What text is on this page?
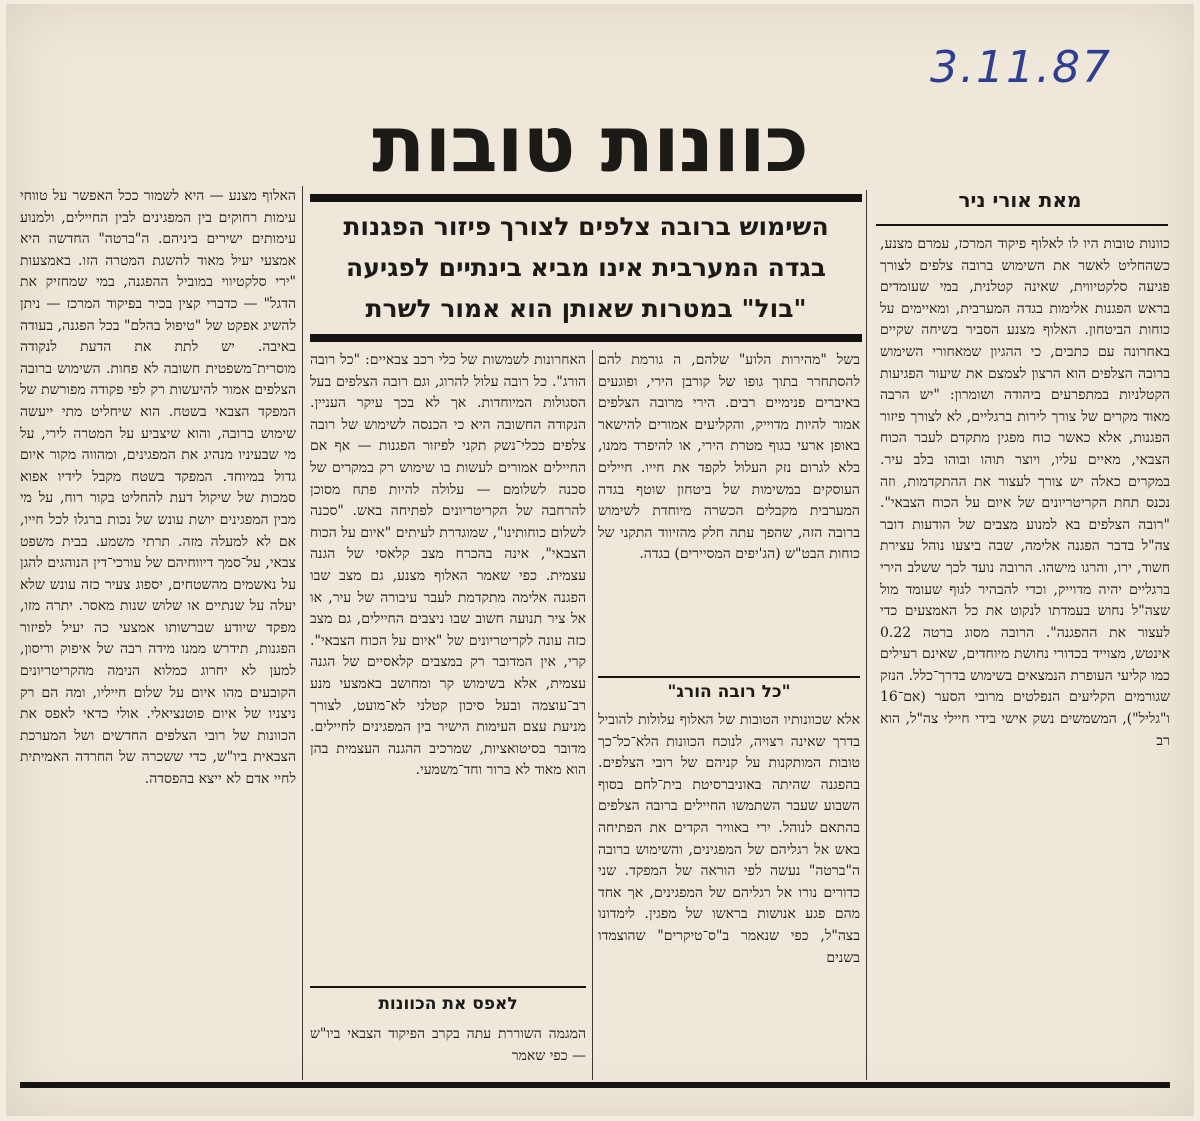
3.11.87
כוונות טובות
השימוש ברובה צלפים לצורך פיזור הפגנות בגדה המערבית אינו מביא בינתיים לפגיעה "בול" במטרות שאותן הוא אמור לשרת
מאת אורי ניר
כוונות טובות היו לו לאלוף פיקוד המרכז, עמרם מצנע, כשהחליט לאשר את השימוש ברובה צלפים לצורך פגיעה סלקטיווית, שאינה קטלנית, במי שעומדים בראש הפגנות אלימות בגדה המערבית, ומאיימים על כוחות הביטחון. האלוף מצנע הסביר בשיחה שקיים באחרונה עם כתבים, כי ההגיון שמאחורי השימוש ברובה הצלפים הוא הרצון לצמצם את שיעור הפגיעות הקטלניות במתפרעים ביהודה ושומרון: "יש הרבה מאוד מקרים של צורך לירות ברגליים, לא לצורך פיזור הפגנות, אלא כאשר כוח מפגין מתקדם לעבר הכוח הצבאי, מאיים עליו, ויוצר תוהו ובוהו בלב עיר. במקרים כאלה יש צורך לעצור את ההתקדמות, וזה נכנס תחת הקריטריונים של איום על הכוח הצבאי". "רובה הצלפים בא למנוע מצבים של הודעות דובר צה"ל בדבר הפגנה אלימה, שבה ביצעו נוהל עצירת חשוד, ירו, והרגו מישהו. הרובה נועד לכך ששלב הירי ברגליים יהיה מדוייק, וכדי להבהיר לגוף שעומד מול שצה"ל נחוש בעמדתו לנקוט את כל האמצעים כדי לעצור את ההפגנה". הרובה מסוג ברטה 0.22 אינטש, מצוייד בכדורי נחושת מיוחדים, שאינם רעילים כמו קליעי העופרת הנמצאים בשימוש בדרך־כלל. הנזק שגורמים הקליעים הנפלטים מרובי הסער (אם־16 ו"גליל"), המשמשים נשק אישי בידי חיילי צה"ל, הוא רב
בשל "מהירות הלוע" שלהם, ה גורמת להם להסתחרר בתוך גופו של קורבן הירי, ופוגעים באיברים פנימיים רבים. הירי מרובה הצלפים אמור להיות מדוייק, והקליעים אמורים להישאר באופן ארעי בגוף מטרת הירי, או להיפרד ממנו, בלא לגרום נזק העלול לקפד את חייו. חיילים העוסקים במשימות של ביטחון שוטף בגדה המערבית מקבלים הכשרה מיוחדת לשימוש ברובה הזה, שהפך עתה חלק מהזיווד התקני של כוחות הבט"ש (הג'יפים המסיירים) בגדה.
"כל רובה הורג"
אלא שכוונותיו הטובות של האלוף עלולות להוביל בדרך שאינה רצויה, לנוכח הכוונות הלא־כל־כך טובות המותקנות על קניהם של רובי הצלפים. בהפגנה שהיתה באוניברסיטת בית־לחם בסוף השבוע שעבר השתמשו החיילים ברובה הצלפים בהתאם לנוהל. ירי באוויר הקדים את הפתיחה באש אל רגליהם של המפגינים, והשימוש ברובה ה"ברטה" נעשה לפי הוראה של המפקד. שני כדורים נורו אל רגליהם של המפגינים, אך אחד מהם פגע אנושות בראשו של מפגין. לימדונו בצה"ל, כפי שנאמר ב"ס־טיקרים" שהוצמדו בשנים
האחרונות לשמשות של כלי רכב צבאיים: "כל רובה הורג". כל רובה עלול להרוג, וגם רובה הצלפים בעל הסגולות המיוחדות. אך לא בכך עיקר העניין. הנקודה החשובה היא כי הכנסה לשימוש של רובה צלפים ככלי־נשק תקני לפיזור הפגנות — אף אם החיילים אמורים לעשות בו שימוש רק במקרים של סכנה לשלומם — עלולה להיות פתח מסוכן להרחבה של הקריטריונים לפתיחה באש. "סכנה לשלום כוחותינו", שמוגדרת לעיתים "איום על הכוח הצבאי", אינה בהכרח מצב קלאסי של הגנה עצמית. כפי שאמר האלוף מצנע, גם מצב שבו הפגנה אלימה מתקדמת לעבר עיבורה של עיר, או אל ציר תנועה חשוב שבו ניצבים החיילים, גם מצב כזה עונה לקריטריונים של "איום על הכוח הצבאי". קרי, אין המדובר רק במצבים קלאסיים של הגנה עצמית, אלא בשימוש קר ומחושב באמצעי מנע רב־עוצמה ובעל סיכון קטלני לא־מועט, לצורך מניעת עצם העימות הישיר בין המפגינים לחיילים. מדובר בסיטואציות, שמרכיב ההגנה העצמית בהן הוא מאוד לא ברור וחד־משמעי.
לאפס את הכוונות
המגמה השוררת עתה בקרב הפיקוד הצבאי ביו"ש — כפי שאמר
האלוף מצנע — היא לשמור ככל האפשר על טווחי עימות רחוקים בין המפגינים לבין החיילים, ולמנוע עימותים ישירים ביניהם. ה"ברטה" החדשה היא אמצעי יעיל מאוד להשגת המטרה הזו. באמצעות "ירי סלקטיווי במוביל ההפגנה, במי שמחזיק את הדגל" — כדברי קצין בכיר בפיקוד המרכז — ניתן להשיג אפקט של "טיפול בהלם" בכל הפגנה, בעודה באיבה. יש לתת את הדעת לנקודה מוסרית־משפטית חשובה לא פחות. השימוש ברובה הצלפים אמור להיעשות רק לפי פקודה מפורשת של המפקד הצבאי בשטח. הוא שיחליט מתי ייעשה שימוש ברובה, והוא שיצביע על המטרה לירי, על מי שבעיניו מנהיג את המפגינים, ומהווה מקור איום גדול במיוחד. המפקד בשטח מקבל לידיו אפוא סמכות של שיקול דעת להחליט בקור רוח, על מי מבין המפגינים יושת עונש של נכות ברגלו לכל חייו, אם לא למעלה מזה. תרתי משמע. בבית משפט צבאי, על־סמך דיווחיהם של עורכי־דין הנוהגים להגן על נאשמים מהשטחים, יספוג צעיר כזה עונש שלא יעלה על שנתיים או שלוש שנות מאסר. יתרה מזו, מפקד שיודע שברשותו אמצעי כה יעיל לפיזור הפגנות, תידרש ממנו מידה רבה של איפוק וריסון, למען לא יחרוג כמלוא הנימה מהקריטריונים הקובעים מהו איום על שלום חייליו, ומה הם רק ניצניו של איום פוטנציאלי. אולי כדאי לאפס את הכוונות של רובי הצלפים החדשים ושל המערכת הצבאית ביו"ש, כדי ששכרה של החרדה האמיתית לחיי אדם לא ייצא בהפסדה.
